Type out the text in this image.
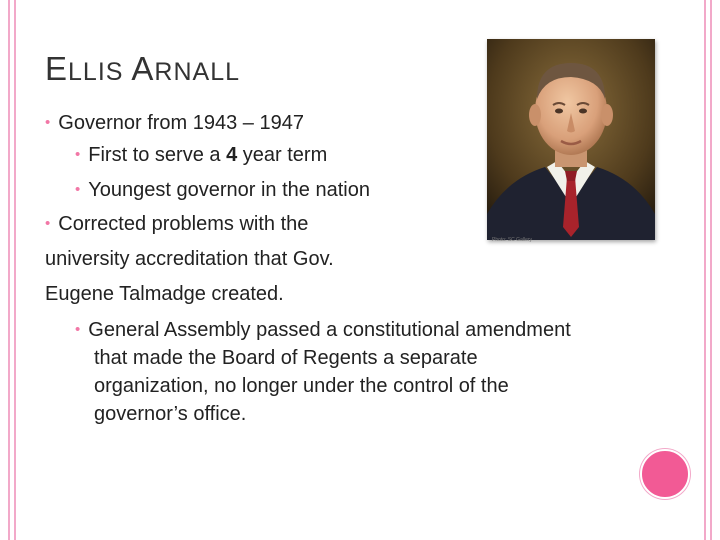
ELLIS ARNALL
Photo: SC Gallery
• Governor from 1943 – 1947
• First to serve a 4 year term
• Youngest governor in the nation
• Corrected problems with the
university accreditation that Gov.
Eugene Talmadge created.
• General Assembly passed a constitutional amendment
that made the Board of Regents a separate
organization, no longer under the control of the
governor’s office.
